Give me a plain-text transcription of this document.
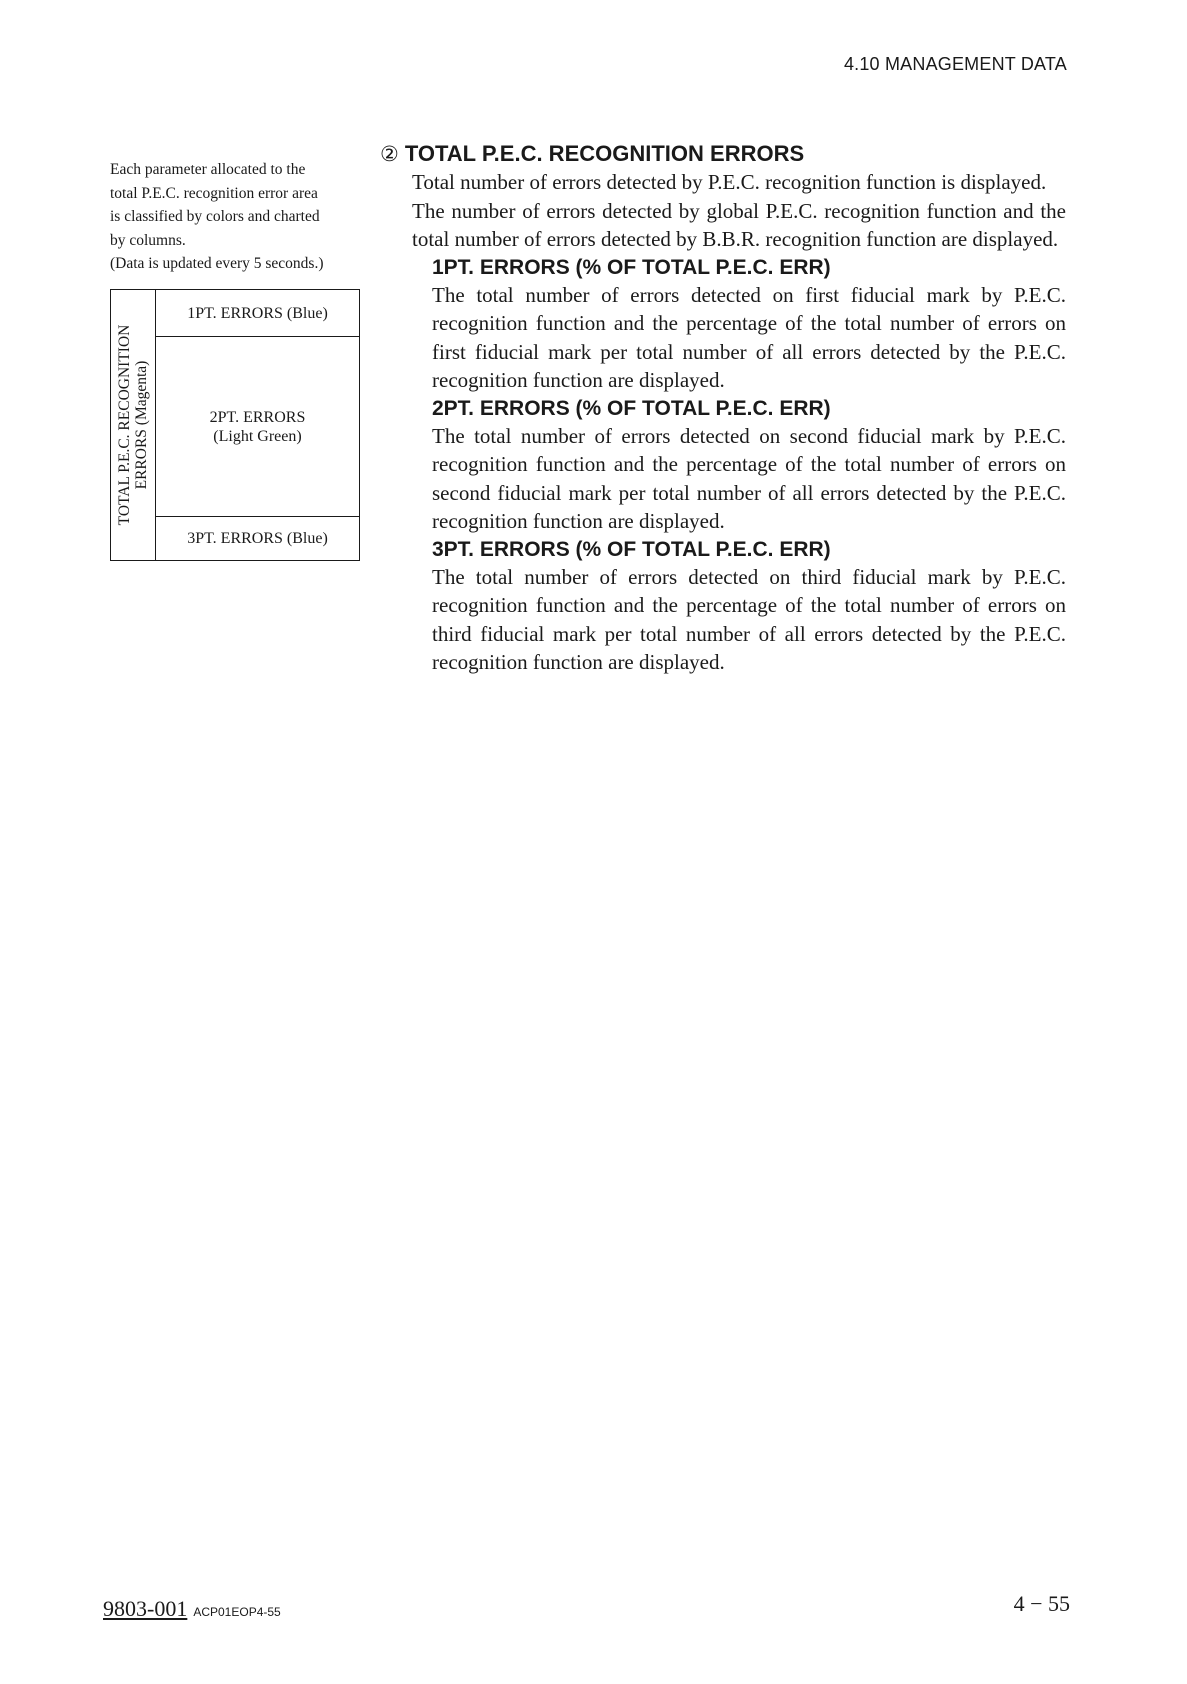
4.10 MANAGEMENT DATA
Each parameter allocated to the
total P.E.C. recognition error area
is classified by colors and charted
by columns.
(Data is updated every 5 seconds.)
TOTAL P.E.C. RECOGNITION ERRORS (Magenta)
1PT. ERRORS (Blue)
2PT. ERRORS
(Light Green)
3PT. ERRORS (Blue)
② TOTAL P.E.C. RECOGNITION ERRORS

Total number of errors detected by P.E.C. recognition function is displayed.

The number of errors detected by global P.E.C. recognition function and the total number of errors detected by B.B.R. recognition function are displayed.

1PT. ERRORS (% OF TOTAL P.E.C. ERR)

The total number of errors detected on first fiducial mark by P.E.C. recognition function and the percentage of the total number of errors on first fiducial mark per total number of all errors detected by the P.E.C. recognition function are displayed.

2PT. ERRORS (% OF TOTAL P.E.C. ERR)

The total number of errors detected on second fiducial mark by P.E.C. recognition function and the percentage of the total number of errors on second fiducial mark per total number of all errors detected by the P.E.C. recognition function are displayed.

3PT. ERRORS (% OF TOTAL P.E.C. ERR)

The total number of errors detected on third fiducial mark by P.E.C. recognition function and the percentage of the total number of errors on third fiducial mark per total number of all errors detected by the P.E.C. recognition function are displayed.

9803-001 ACP01EOP4-55	4 − 55
